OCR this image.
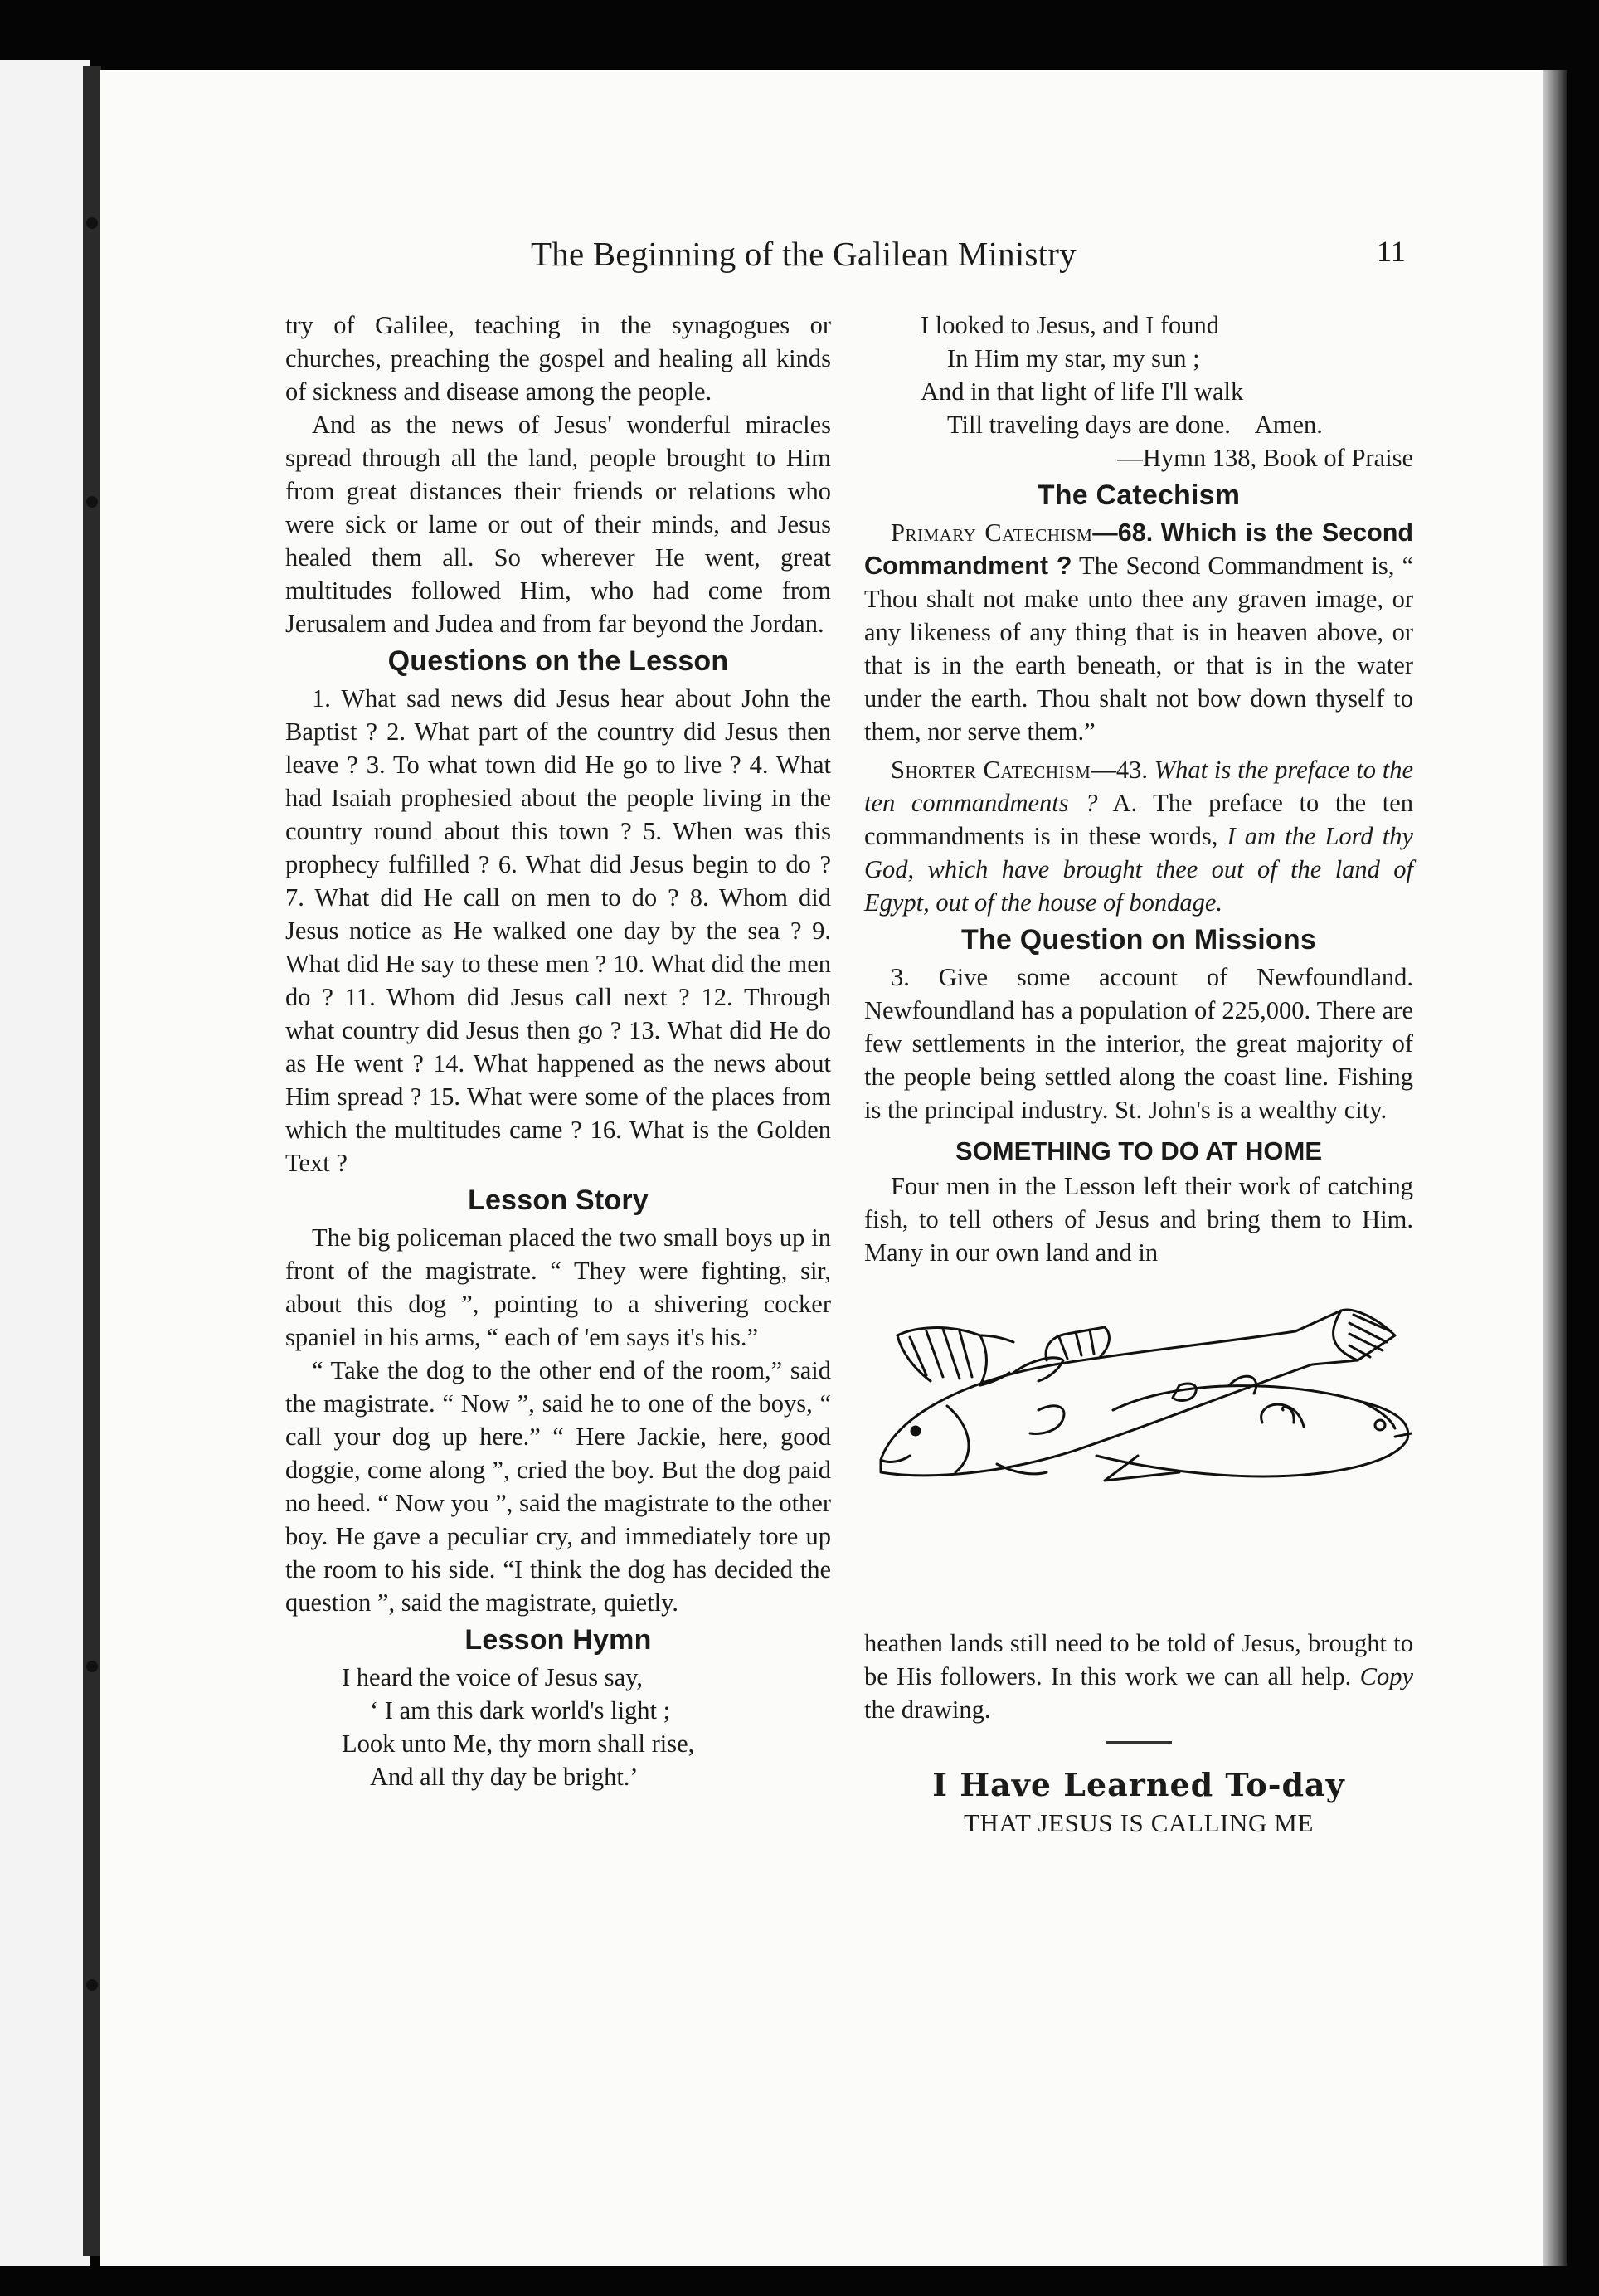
The Beginning of the Galilean Ministry	11

try of Galilee, teaching in the synagogues or churches, preaching the gospel and healing all kinds of sickness and disease among the people.

And as the news of Jesus' wonderful miracles spread through all the land, people brought to Him from great distances their friends or relations who were sick or lame or out of their minds, and Jesus healed them all. So wherever He went, great multitudes followed Him, who had come from Jerusalem and Judea and from far beyond the Jordan.

Questions on the Lesson

1. What sad news did Jesus hear about John the Baptist ? 2. What part of the country did Jesus then leave ? 3. To what town did He go to live ? 4. What had Isaiah prophesied about the people living in the country round about this town ? 5. When was this prophecy fulfilled ? 6. What did Jesus begin to do ? 7. What did He call on men to do ? 8. Whom did Jesus notice as He walked one day by the sea ? 9. What did He say to these men ? 10. What did the men do ? 11. Whom did Jesus call next ? 12. Through what country did Jesus then go ? 13. What did He do as He went ? 14. What happened as the news about Him spread ? 15. What were some of the places from which the multitudes came ? 16. What is the Golden Text ?

Lesson Story

The big policeman placed the two small boys up in front of the magistrate. “ They were fighting, sir, about this dog ”, pointing to a shivering cocker spaniel in his arms, “ each of 'em says it's his.”

“ Take the dog to the other end of the room,” said the magistrate. “ Now ”, said he to one of the boys, “ call your dog up here.” “ Here Jackie, here, good doggie, come along ”, cried the boy. But the dog paid no heed. “ Now you ”, said the magistrate to the other boy. He gave a peculiar cry, and immediately tore up the room to his side. “I think the dog has decided the question ”, said the magistrate, quietly.

Lesson Hymn
I heard the voice of Jesus say,
‘ I am this dark world's light ;
Look unto Me, thy morn shall rise,
And all thy day be bright.’
I looked to Jesus, and I found
In Him my star, my sun ;
And in that light of life I'll walk
Till traveling days are done.    Amen.
—Hymn 138, Book of Praise
The Catechism

Primary Catechism—68. Which is the Second Commandment ? The Second Commandment is, “ Thou shalt not make unto thee any graven image, or any likeness of any thing that is in heaven above, or that is in the earth beneath, or that is in the water under the earth. Thou shalt not bow down thyself to them, nor serve them.”

Shorter Catechism—43. What is the preface to the ten commandments ? A. The preface to the ten commandments is in these words, I am the Lord thy God, which have brought thee out of the land of Egypt, out of the house of bondage.

The Question on Missions

3. Give some account of Newfoundland. Newfoundland has a population of 225,000. There are few settlements in the interior, the great majority of the people being settled along the coast line. Fishing is the principal industry. St. John's is a wealthy city.

SOMETHING TO DO AT HOME

Four men in the Lesson left their work of catching fish, to tell others of Jesus and bring them to Him. Many in our own land and in

heathen lands still need to be told of Jesus, brought to be His followers. In this work we can all help. Copy the drawing.

I Have Learned To-day
THAT JESUS IS CALLING ME
